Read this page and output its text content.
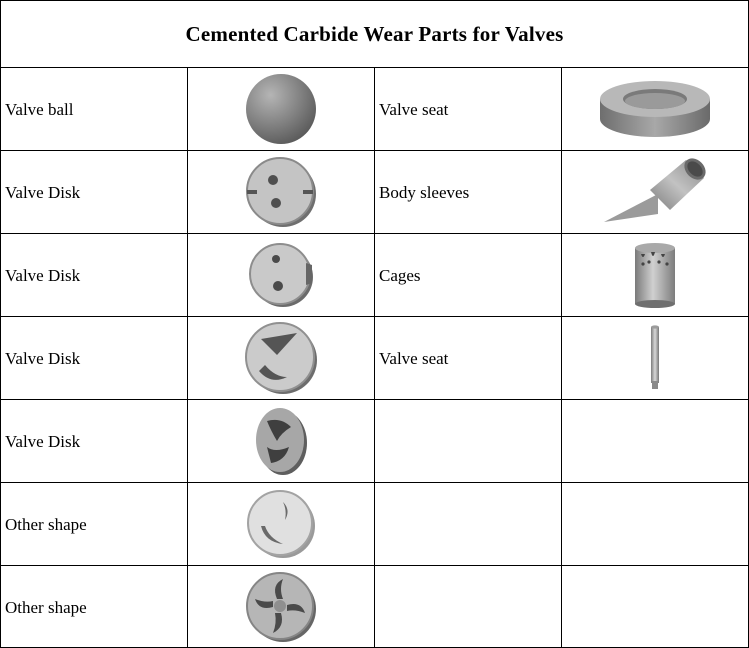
Cemented Carbide Wear Parts for Valves
Valve ball	Valve seat
Valve Disk	Body sleeves
Valve Disk	Cages
Valve Disk	Valve seat
Valve Disk
Other shape
Other shape
